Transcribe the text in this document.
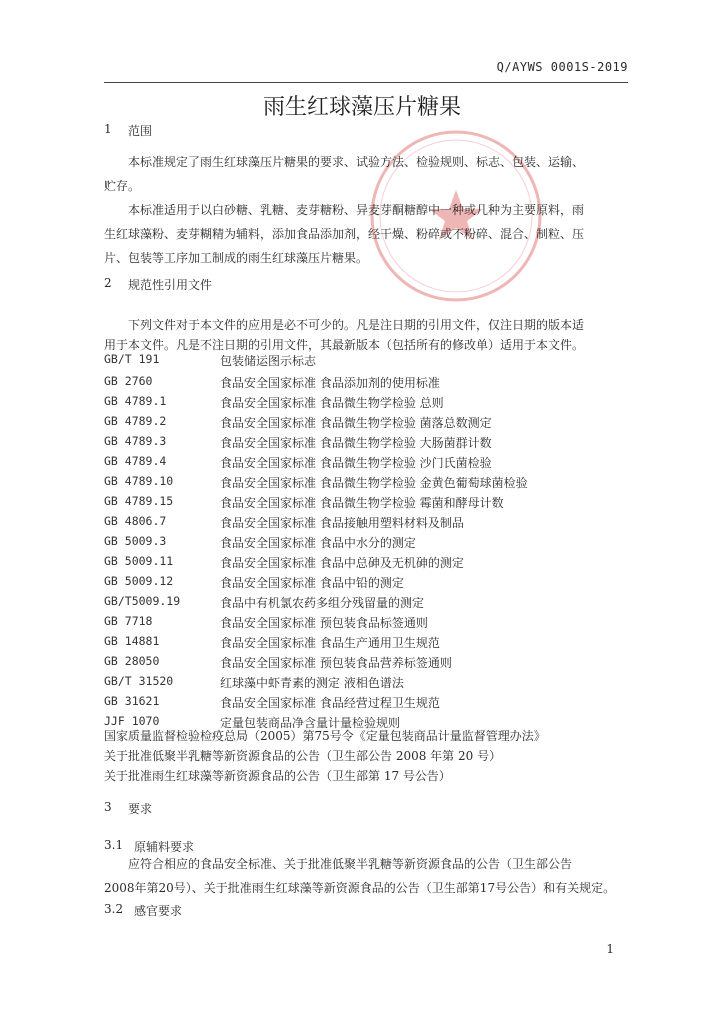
Q/AYWS 0001S-2019
雨生红球藻压片糖果
1 范围
本标准规定了雨生红球藻压片糖果的要求、试验方法、检验规则、标志、包装、运输、
贮存。
本标准适用于以白砂糖、乳糖、麦芽糖粉、异麦芽酮糖醇中一种或几种为主要原料，雨
生红球藻粉、麦芽糊精为辅料，添加食品添加剂，经干燥、粉碎或不粉碎、混合、制粒、压
片、包装等工序加工制成的雨生红球藻压片糖果。
2 规范性引用文件
下列文件对于本文件的应用是必不可少的。凡是注日期的引用文件，仅注日期的版本适
用于本文件。凡是不注日期的引用文件，其最新版本（包括所有的修改单）适用于本文件。
GB/T 191	包装储运图示标志
GB 2760	食品安全国家标准 食品添加剂的使用标准
GB 4789.1	食品安全国家标准 食品微生物学检验 总则
GB 4789.2	食品安全国家标准 食品微生物学检验 菌落总数测定
GB 4789.3	食品安全国家标准 食品微生物学检验 大肠菌群计数
GB 4789.4	食品安全国家标准 食品微生物学检验 沙门氏菌检验
GB 4789.10	食品安全国家标准 食品微生物学检验 金黄色葡萄球菌检验
GB 4789.15	食品安全国家标准 食品微生物学检验 霉菌和酵母计数
GB 4806.7	食品安全国家标准 食品接触用塑料材料及制品
GB 5009.3	食品安全国家标准 食品中水分的测定
GB 5009.11	食品安全国家标准 食品中总砷及无机砷的测定
GB 5009.12	食品安全国家标准 食品中铅的测定
GB/T5009.19	食品中有机氯农药多组分残留量的测定
GB 7718	食品安全国家标准 预包装食品标签通则
GB 14881	食品安全国家标准 食品生产通用卫生规范
GB 28050	食品安全国家标准 预包装食品营养标签通则
GB/T 31520	红球藻中虾青素的测定 液相色谱法
GB 31621	食品安全国家标准 食品经营过程卫生规范
JJF 1070	定量包装商品净含量计量检验规则
国家质量监督检验检疫总局（2005）第75号令《定量包装商品计量监督管理办法》
关于批准低聚半乳糖等新资源食品的公告（卫生部公告 2008 年第 20 号）
关于批准雨生红球藻等新资源食品的公告（卫生部第 17 号公告）
3 要求
3.1 原辅料要求
应符合相应的食品安全标准、关于批准低聚半乳糖等新资源食品的公告（卫生部公告
2008年第20号）、关于批准雨生红球藻等新资源食品的公告（卫生部第17号公告）和有关规定。
3.2 感官要求
1
